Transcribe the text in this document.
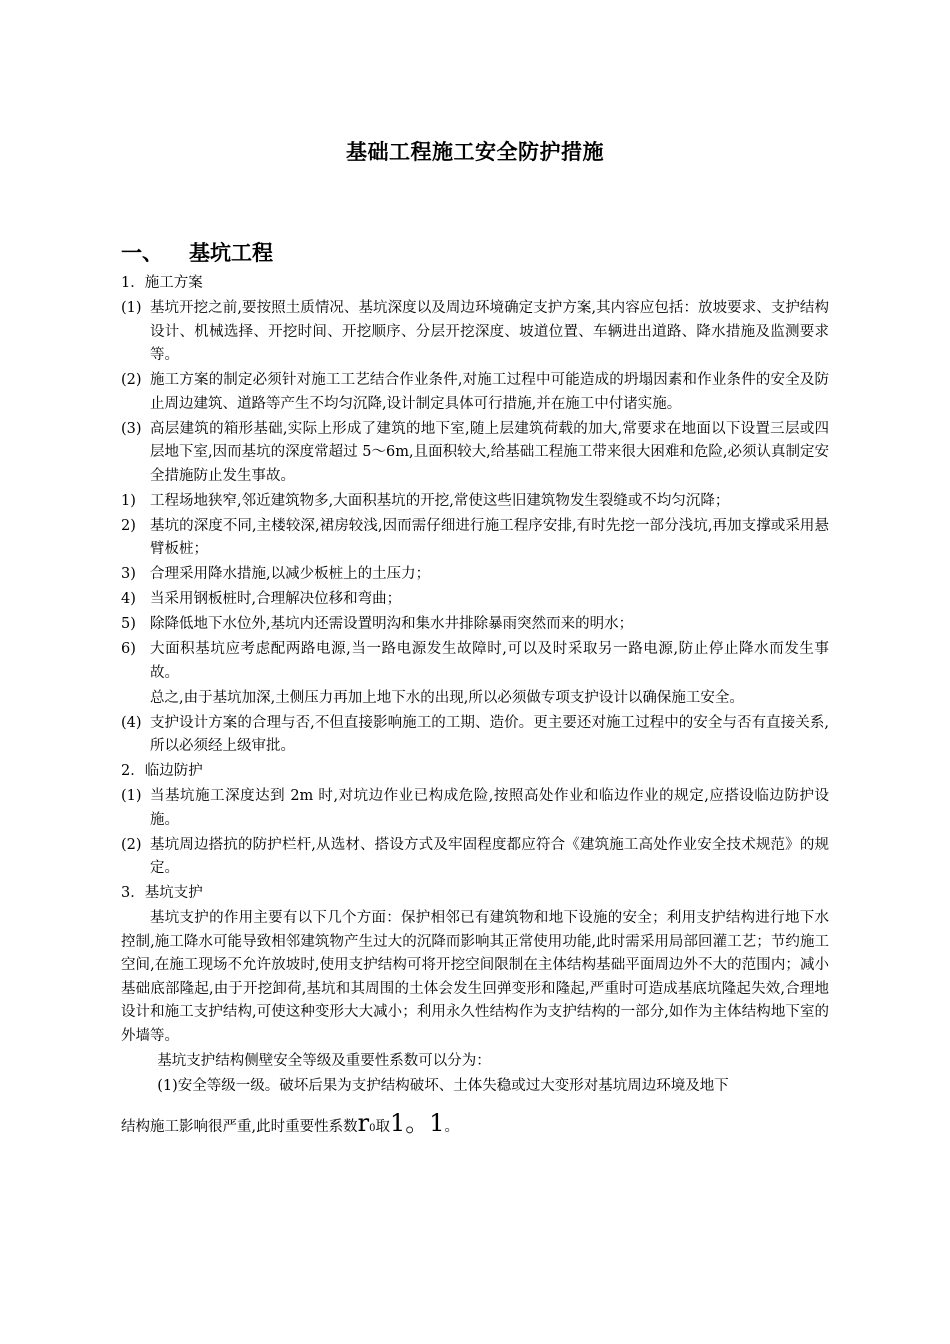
基础工程施工安全防护措施
一、 基坑工程
1．施工方案
(1) 基坑开挖之前,要按照土质情况、基坑深度以及周边环境确定支护方案,其内容应包括：放坡要求、支护结构设计、机械选择、开挖时间、开挖顺序、分层开挖深度、坡道位置、车辆进出道路、降水措施及监测要求等。
(2) 施工方案的制定必须针对施工工艺结合作业条件,对施工过程中可能造成的坍塌因素和作业条件的安全及防止周边建筑、道路等产生不均匀沉降,设计制定具体可行措施,并在施工中付诸实施。
(3) 高层建筑的箱形基础,实际上形成了建筑的地下室,随上层建筑荷载的加大,常要求在地面以下设置三层或四层地下室,因而基坑的深度常超过 5～6m,且面积较大,给基础工程施工带来很大困难和危险,必须认真制定安全措施防止发生事故。
1) 工程场地狭窄,邻近建筑物多,大面积基坑的开挖,常使这些旧建筑物发生裂缝或不均匀沉降；
2) 基坑的深度不同,主楼较深,裙房较浅,因而需仔细进行施工程序安排,有时先挖一部分浅坑,再加支撑或采用悬臂板桩；
3) 合理采用降水措施,以减少板桩上的土压力；
4) 当采用钢板桩时,合理解决位移和弯曲；
5) 除降低地下水位外,基坑内还需设置明沟和集水井排除暴雨突然而来的明水；
6) 大面积基坑应考虑配两路电源,当一路电源发生故障时,可以及时采取另一路电源,防止停止降水而发生事故。
总之,由于基坑加深,土侧压力再加上地下水的出现,所以必须做专项支护设计以确保施工安全。
(4) 支护设计方案的合理与否,不但直接影响施工的工期、造价。更主要还对施工过程中的安全与否有直接关系,所以必须经上级审批。
2．临边防护
(1) 当基坑施工深度达到 2m 时,对坑边作业已构成危险,按照高处作业和临边作业的规定,应搭设临边防护设施。
(2) 基坑周边搭抗的防护栏杆,从选材、搭设方式及牢固程度都应符合《建筑施工高处作业安全技术规范》的规定。
3．基坑支护
基坑支护的作用主要有以下几个方面：保护相邻已有建筑物和地下设施的安全；利用支护结构进行地下水控制,施工降水可能导致相邻建筑物产生过大的沉降而影响其正常使用功能,此时需采用局部回灌工艺；节约施工空间,在施工现场不允许放坡时,使用支护结构可将开挖空间限制在主体结构基础平面周边外不大的范围内；减小基础底部隆起,由于开挖卸荷,基坑和其周围的土体会发生回弹变形和隆起,严重时可造成基底坑隆起失效,合理地设计和施工支护结构,可使这种变形大大减小；利用永久性结构作为支护结构的一部分,如作为主体结构地下室的外墙等。
基坑支护结构侧壁安全等级及重要性系数可以分为：
(1)安全等级一级。破坏后果为支护结构破坏、土体失稳或过大变形对基坑周边环境及地下
结构施工影响很严重,此时重要性系数r0取1。1。
